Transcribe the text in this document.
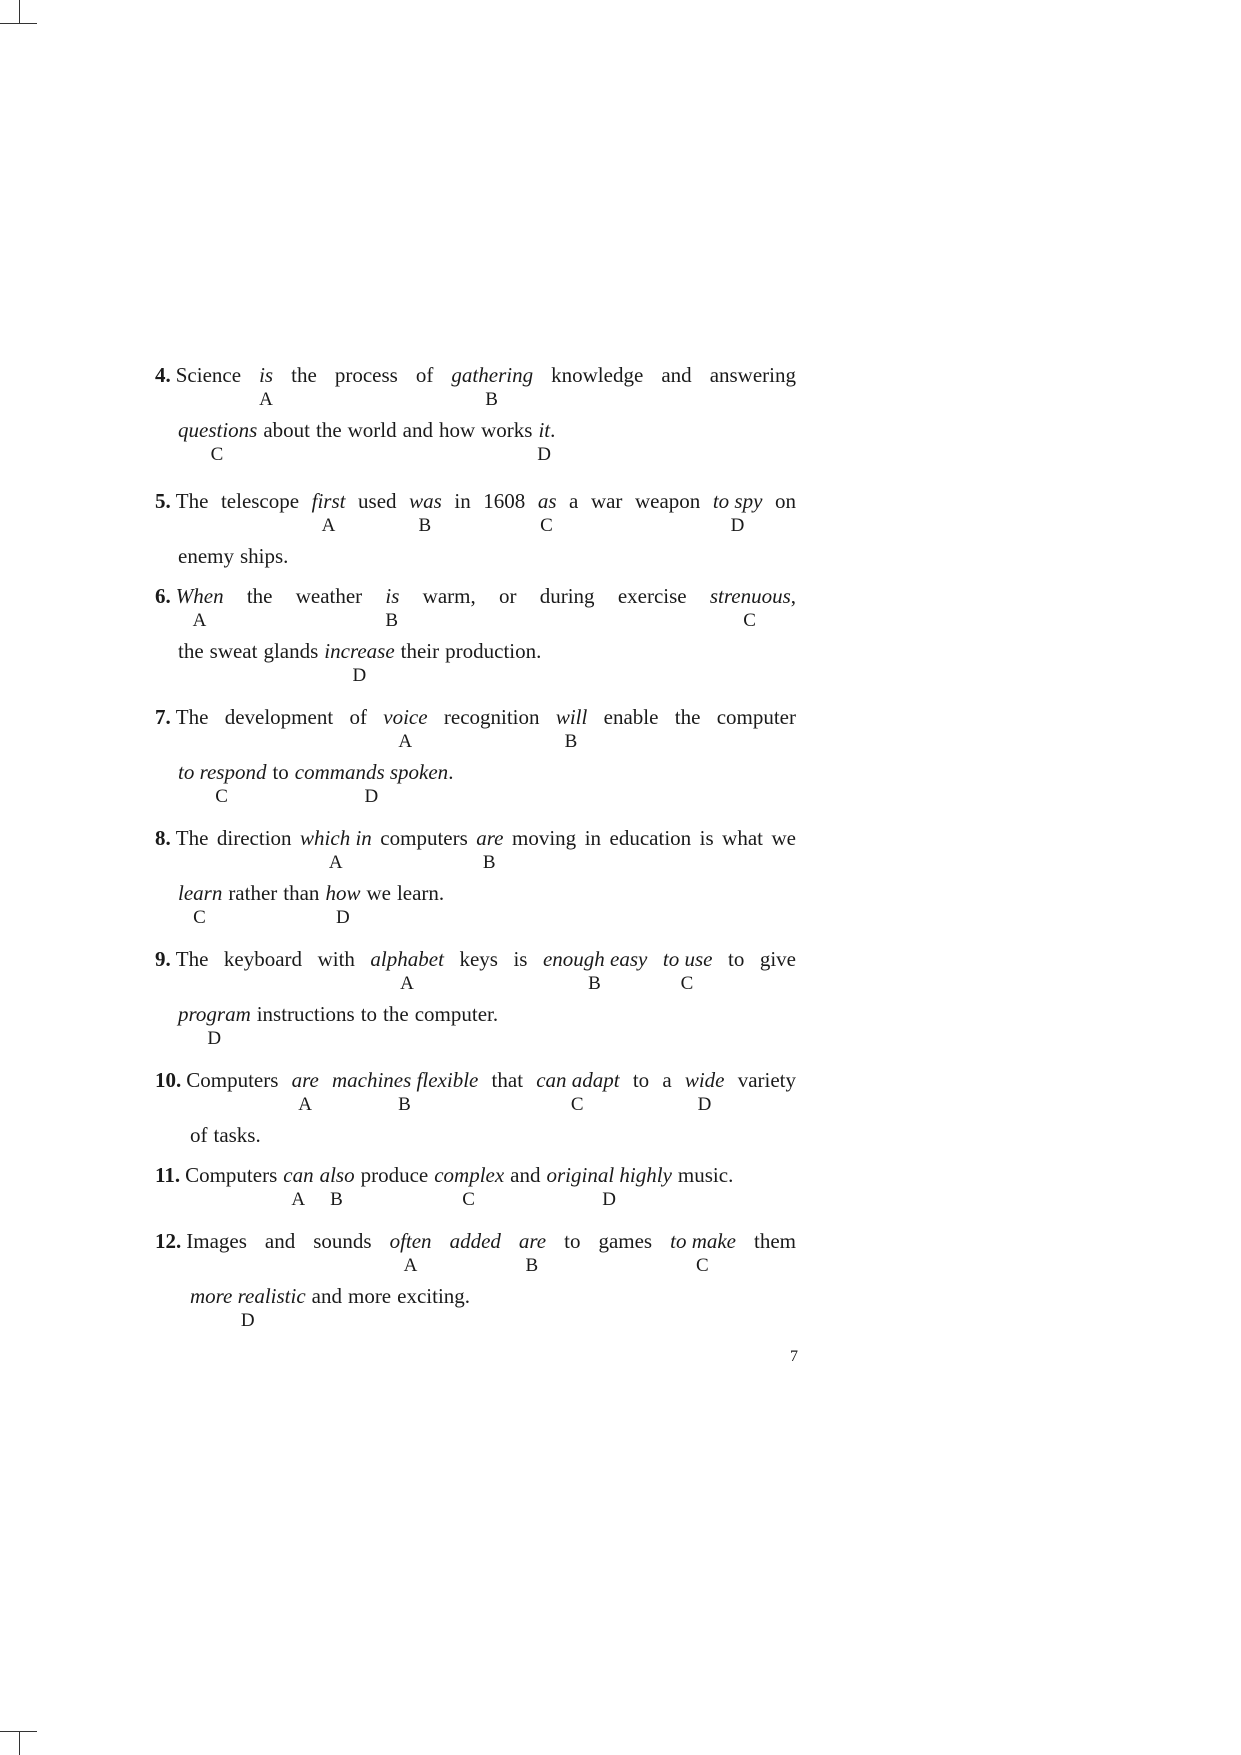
4. Science is the process of gathering knowledge and answering
questions about the world and how works it .
A	B
C	D
5. The telescope first used was in 1608 as a war weapon to spy on
enemy ships.
A	B	C	D
6. When the weather is warm, or during exercise strenuous ,
the sweat glands increase their production.
A	B	C
D
7. The development of voice recognition will enable the computer
to respond to commands spoken .
A	B
C	D
8. The direction which in computers are moving in education is what we
learn rather than how we learn.
A	B
C	D
9. The keyboard with alphabet keys is enough easy to use to give
program instructions to the computer.
A	B	C
D
10. Computers are machines flexible that can adapt to a wide variety
of tasks.
A	B	C	D
11. Computers can also produce complex and original highly music.
A B	C	D
12. Images and sounds often added are to games to make them
more realistic and more exciting.
A	B	C
D
7
